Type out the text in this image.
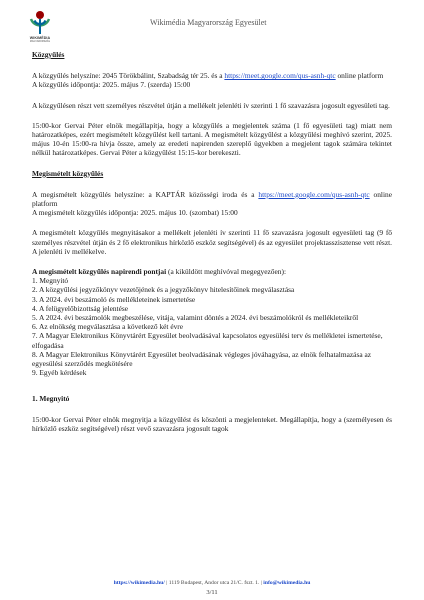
WIKIMÉDIA
MAGYARORSZÁG
Wikimédia Magyarország Egyesület

Közgyűlés

A közgyűlés helyszíne: 2045 Törökbálint, Szabadság tér 25. és a https://meet.google.com/qus-asnh-qtc online platform

A közgyűlés időpontja: 2025. május 7. (szerda) 15:00

A közgyűlésen részt vett személyes részvétel útján a mellékelt jelenléti ív szerinti 1 fő szavazásra jogosult egyesületi tag.

15:00-kor Gervai Péter elnök megállapítja, hogy a közgyűlés a megjelentek száma (1 fő egyesületi tag) miatt nem határozatképes, ezért megismételt közgyűlést kell tartani. A megismételt közgyűlést a közgyűlési meghívó szerint, 2025. május 10-én 15:00-ra hívja össze, amely az eredeti napirenden szereplő ügyekben a megjelent tagok számára tekintet nélkül határozatképes. Gervai Péter a közgyűlést 15:15-kor berekeszti.

Megismételt közgyűlés

A megismételt közgyűlés helyszíne: a KAPTÁR közösségi iroda és a https://meet.google.com/qus-asnh-qtc online platform

A megismételt közgyűlés időpontja: 2025. május 10. (szombat) 15:00

A megismételt közgyűlés megnyitásakor a mellékelt jelenléti ív szerinti 11 fő szavazásra jogosult egyesületi tag (9 fő személyes részvétel útján és 2 fő elektronikus hírközlő eszköz segítségével) és az egyesület projektasszisztense vett részt. A jelenléti ív mellékelve.

A megismételt közgyűlés napirendi pontjai (a kiküldött meghívóval megegyezően):

1. Megnyitó

2. A közgyűlési jegyzőkönyv vezetőjének és a jegyzőkönyv hitelesítőinek megválasztása

3. A 2024. évi beszámoló és mellékleteinek ismertetése

4. A felügyelőbizottság jelentése

5. A 2024. évi beszámolók megbeszélése, vitája, valamint döntés a 2024. évi beszámolókról és mellékleteikről

6. Az elnökség megválasztása a következő két évre

7. A Magyar Elektronikus Könyvtárért Egyesület beolvadásával kapcsolatos egyesülési terv és mellékletei ismertetése, elfogadása

8. A Magyar Elektronikus Könyvtárért Egyesület beolvadásának végleges jóváhagyása, az elnök felhatalmazása az egyesülési szerződés megkötésére

9. Egyéb kérdések

1. Megnyitó

15:00-kor Gervai Péter elnök megnyitja a közgyűlést és köszönti a megjelenteket. Megállapítja, hogy a (személyesen és hírközlő eszköz segítségével) részt vevő szavazásra jogosult tagok

https://wikimedia.hu/ | 1119 Budapest, Andor utca 21/C. fszt. 1. | info@wikimedia.hu
3/11
